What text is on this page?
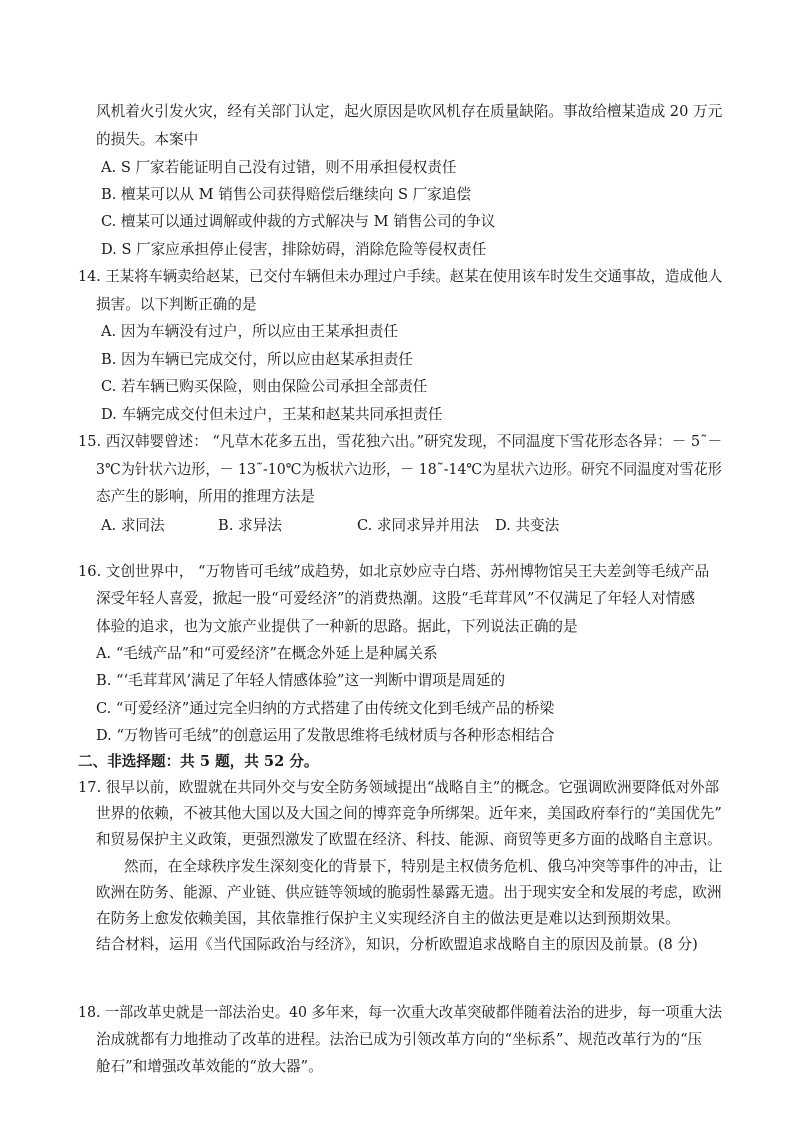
风机着火引发火灾，经有关部门认定，起火原因是吹风机存在质量缺陷。事故给檀某造成 20 万元
的损失。本案中
A. S 厂家若能证明自己没有过错，则不用承担侵权责任
B. 檀某可以从 M 销售公司获得赔偿后继续向 S 厂家追偿
C. 檀某可以通过调解或仲裁的方式解决与 M 销售公司的争议
D. S 厂家应承担停止侵害，排除妨碍，消除危险等侵权责任
14. 王某将车辆卖给赵某，已交付车辆但未办理过户手续。赵某在使用该车时发生交通事故，造成他人
损害。以下判断正确的是
A. 因为车辆没有过户，所以应由王某承担责任
B. 因为车辆已完成交付，所以应由赵某承担责任
C. 若车辆已购买保险，则由保险公司承担全部责任
D. 车辆完成交付但未过户，王某和赵某共同承担责任
15. 西汉韩婴曾述： “凡草木花多五出，雪花独六出。”研究发现，不同温度下雪花形态各异：－ 5˜－
3℃为针状六边形，－ 13˜-10℃为板状六边形，－ 18˜-14℃为星状六边形。研究不同温度对雪花形
态产生的影响，所用的推理方法是
A. 求同法	B. 求异法	C. 求同求异并用法 D. 共变法
16. 文创世界中， “万物皆可毛绒”成趋势，如北京妙应寺白塔、苏州博物馆吴王夫差剑等毛绒产品
深受年轻人喜爱，掀起一股“可爱经济”的消费热潮。这股“毛茸茸风”不仅满足了年轻人对情感
体验的追求，也为文旅产业提供了一种新的思路。据此，下列说法正确的是
A. “毛绒产品”和“可爱经济”在概念外延上是种属关系
B. “‘毛茸茸风’满足了年轻人情感体验”这一判断中谓项是周延的
C. “可爱经济”通过完全归纳的方式搭建了由传统文化到毛绒产品的桥梁
D. “万物皆可毛绒”的创意运用了发散思维将毛绒材质与各种形态相结合
二、非选择题：共 5 题，共 52 分。
17. 很早以前，欧盟就在共同外交与安全防务领域提出“战略自主”的概念。它强调欧洲要降低对外部
世界的依赖，不被其他大国以及大国之间的博弈竞争所绑架。近年来，美国政府奉行的“美国优先”
和贸易保护主义政策，更强烈激发了欧盟在经济、科技、能源、商贸等更多方面的战略自主意识。
然而，在全球秩序发生深刻变化的背景下，特别是主权债务危机、俄乌冲突等事件的冲击，让
欧洲在防务、能源、产业链、供应链等领域的脆弱性暴露无遗。出于现实安全和发展的考虑，欧洲
在防务上愈发依赖美国，其依靠推行保护主义实现经济自主的做法更是难以达到预期效果。
结合材料，运用《当代国际政治与经济》，知识，分析欧盟追求战略自主的原因及前景。(8 分)
18. 一部改革史就是一部法治史。40 多年来，每一次重大改革突破都伴随着法治的进步，每一项重大法
治成就都有力地推动了改革的进程。法治已成为引领改革方向的“坐标系”、规范改革行为的“压
舱石”和增强改革效能的“放大器”。
